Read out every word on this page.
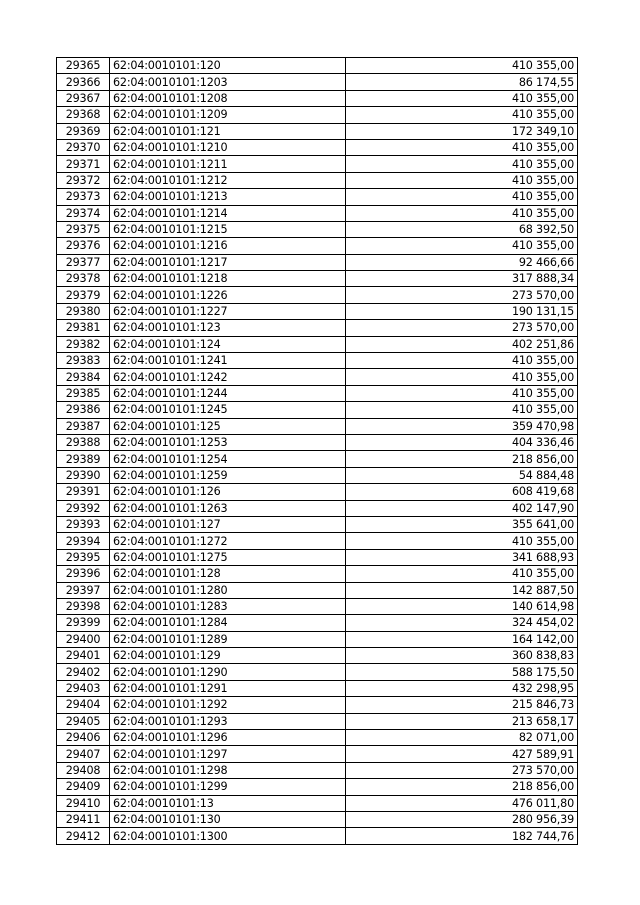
29365	62:04:0010101:120	410 355,00
29366	62:04:0010101:1203	86 174,55
29367	62:04:0010101:1208	410 355,00
29368	62:04:0010101:1209	410 355,00
29369	62:04:0010101:121	172 349,10
29370	62:04:0010101:1210	410 355,00
29371	62:04:0010101:1211	410 355,00
29372	62:04:0010101:1212	410 355,00
29373	62:04:0010101:1213	410 355,00
29374	62:04:0010101:1214	410 355,00
29375	62:04:0010101:1215	68 392,50
29376	62:04:0010101:1216	410 355,00
29377	62:04:0010101:1217	92 466,66
29378	62:04:0010101:1218	317 888,34
29379	62:04:0010101:1226	273 570,00
29380	62:04:0010101:1227	190 131,15
29381	62:04:0010101:123	273 570,00
29382	62:04:0010101:124	402 251,86
29383	62:04:0010101:1241	410 355,00
29384	62:04:0010101:1242	410 355,00
29385	62:04:0010101:1244	410 355,00
29386	62:04:0010101:1245	410 355,00
29387	62:04:0010101:125	359 470,98
29388	62:04:0010101:1253	404 336,46
29389	62:04:0010101:1254	218 856,00
29390	62:04:0010101:1259	54 884,48
29391	62:04:0010101:126	608 419,68
29392	62:04:0010101:1263	402 147,90
29393	62:04:0010101:127	355 641,00
29394	62:04:0010101:1272	410 355,00
29395	62:04:0010101:1275	341 688,93
29396	62:04:0010101:128	410 355,00
29397	62:04:0010101:1280	142 887,50
29398	62:04:0010101:1283	140 614,98
29399	62:04:0010101:1284	324 454,02
29400	62:04:0010101:1289	164 142,00
29401	62:04:0010101:129	360 838,83
29402	62:04:0010101:1290	588 175,50
29403	62:04:0010101:1291	432 298,95
29404	62:04:0010101:1292	215 846,73
29405	62:04:0010101:1293	213 658,17
29406	62:04:0010101:1296	82 071,00
29407	62:04:0010101:1297	427 589,91
29408	62:04:0010101:1298	273 570,00
29409	62:04:0010101:1299	218 856,00
29410	62:04:0010101:13	476 011,80
29411	62:04:0010101:130	280 956,39
29412	62:04:0010101:1300	182 744,76
